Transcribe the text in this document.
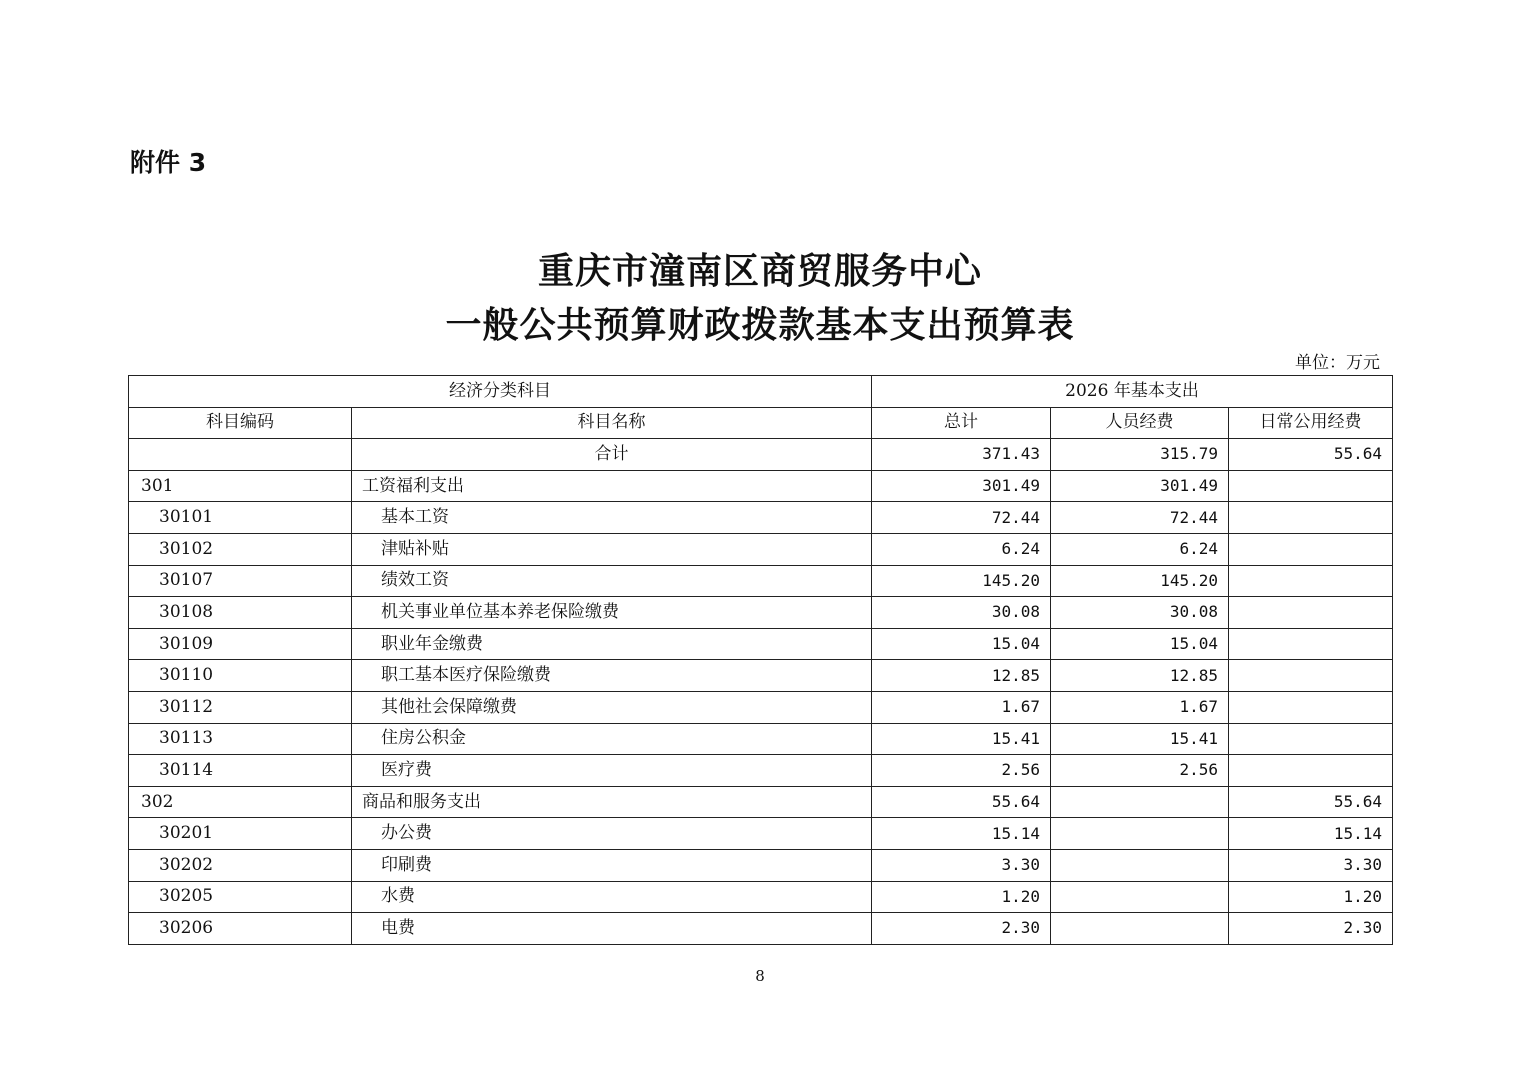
附件 3
重庆市潼南区商贸服务中心
一般公共预算财政拨款基本支出预算表
单位：万元
经济分类科目		2026 年基本支出		
科目编码	科目名称	总计	人员经费	日常公用经费
	合计	371.43	315.79	55.64
301	工资福利支出	301.49	301.49	
30101	基本工资	72.44	72.44	
30102	津贴补贴	6.24	6.24	
30107	绩效工资	145.20	145.20	
30108	机关事业单位基本养老保险缴费	30.08	30.08	
30109	职业年金缴费	15.04	15.04	
30110	职工基本医疗保险缴费	12.85	12.85	
30112	其他社会保障缴费	1.67	1.67	
30113	住房公积金	15.41	15.41	
30114	医疗费	2.56	2.56	
302	商品和服务支出	55.64		55.64
30201	办公费	15.14		15.14
30202	印刷费	3.30		3.30
30205	水费	1.20		1.20
30206	电费	2.30		2.30
8
